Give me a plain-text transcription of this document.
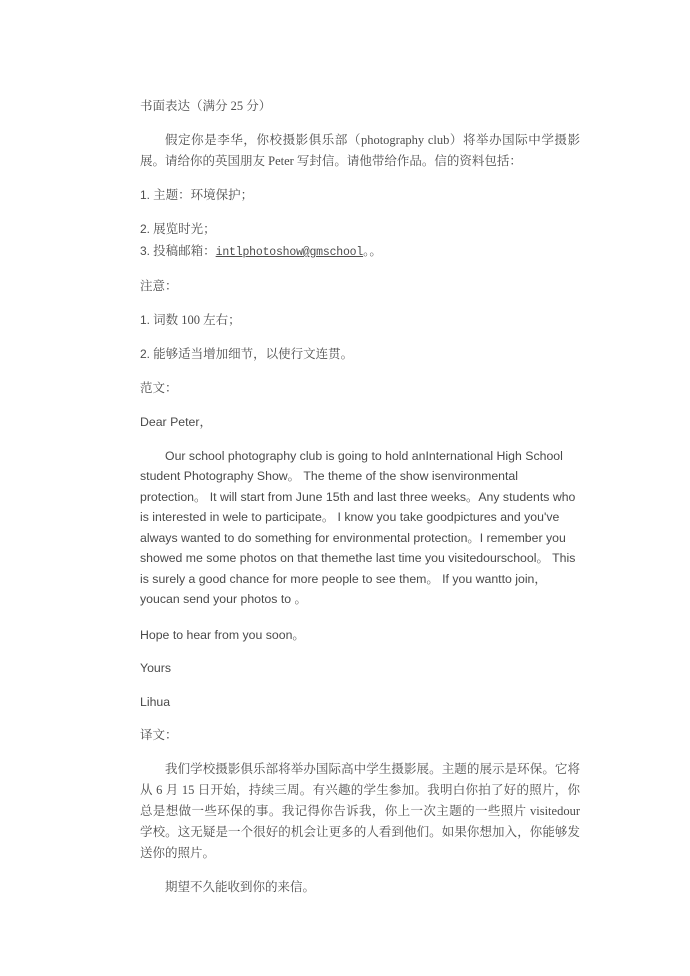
书面表达（满分 25 分）

假定你是李华，你校摄影俱乐部（photography club）将举办国际中学摄影展。请给你的英国朋友 Peter 写封信。请他带给作品。信的资料包括：

1. 主题：环境保护；

2. 展览时光；

3. 投稿邮箱：intlphotoshow@gmschool。。

注意：

1. 词数 100 左右；

2. 能够适当增加细节，以使行文连贯。

范文：

Dear Peter，

Our school photography club is going to hold anInternational High School student Photography Show。 The theme of the show isenvironmental protection。 It will start from June 15th and last three weeks。Any students who is interested in wele to participate。 I know you take goodpictures and you've always wanted to do something for environmental protection。I remember you showed me some photos on that themethe last time you visitedourschool。 This is surely a good chance for more people to see them。 If you wantto join， youcan send your photos to 。

Hope to hear from you soon。

Yours

Lihua

译文：

我们学校摄影俱乐部将举办国际高中学生摄影展。主题的展示是环保。它将从 6 月 15 日开始，持续三周。有兴趣的学生参加。我明白你拍了好的照片，你总是想做一些环保的事。我记得你告诉我，你上一次主题的一些照片 visitedour 学校。这无疑是一个很好的机会让更多的人看到他们。如果你想加入，你能够发送你的照片。

期望不久能收到你的来信。
